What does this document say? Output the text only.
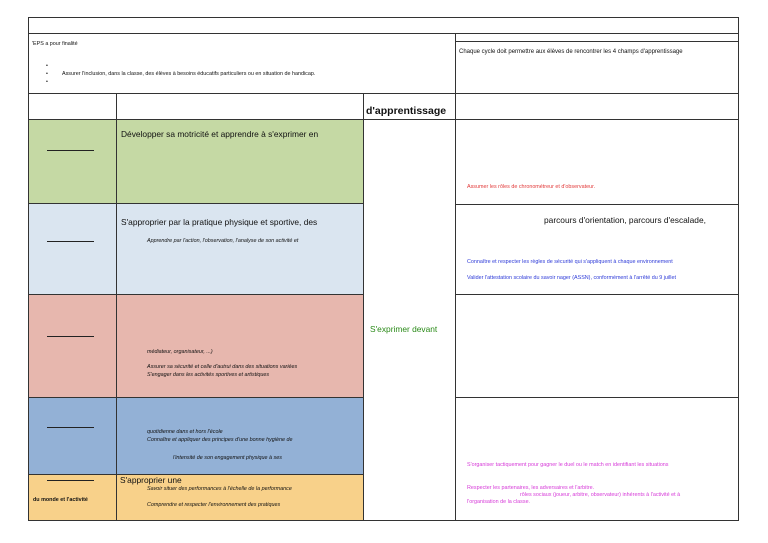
'EPS a pour finalité
•
•	Assurer l'inclusion, dans la classe, des élèves à besoins éducatifs particuliers ou en situation de handicap.
•
Chaque cycle doit permettre aux élèves de rencontrer les 4 champs d'apprentissage
d'apprentissage
Développer sa motricité et apprendre à s'exprimer en
Assumer les rôles de chronométreur et d'observateur.
S'approprier par la pratique physique et sportive, des
Apprendre par l'action, l'observation, l'analyse de son activité et
parcours d'orientation, parcours d'escalade,
Connaître et respecter les règles de sécurité qui s'appliquent à chaque environnement
Valider l'attestation scolaire du savoir nager (ASSN), conformément à l'arrêté du 9 juillet
médiateur, organisateur, ...)
Assurer sa sécurité et celle d'autrui dans des situations variées
S'engager dans les activités sportives et artistiques
S'exprimer devant
quotidienne dans et hors l'école
Connaître et appliquer des principes d'une bonne hygiène de
l'intensité de son engagement physique à ses
S'organiser tactiquement pour gagner le duel ou le match en identifiant les situations
du monde et l'activité
S'approprier une
Savoir situer des performances à l'échelle de la performance
Comprendre et respecter l'environnement des pratiques
Respecter les partenaires, les adversaires et l'arbitre.
rôles sociaux (joueur, arbitre, observateur) inhérents à l'activité et à
l'organisation de la classe.
